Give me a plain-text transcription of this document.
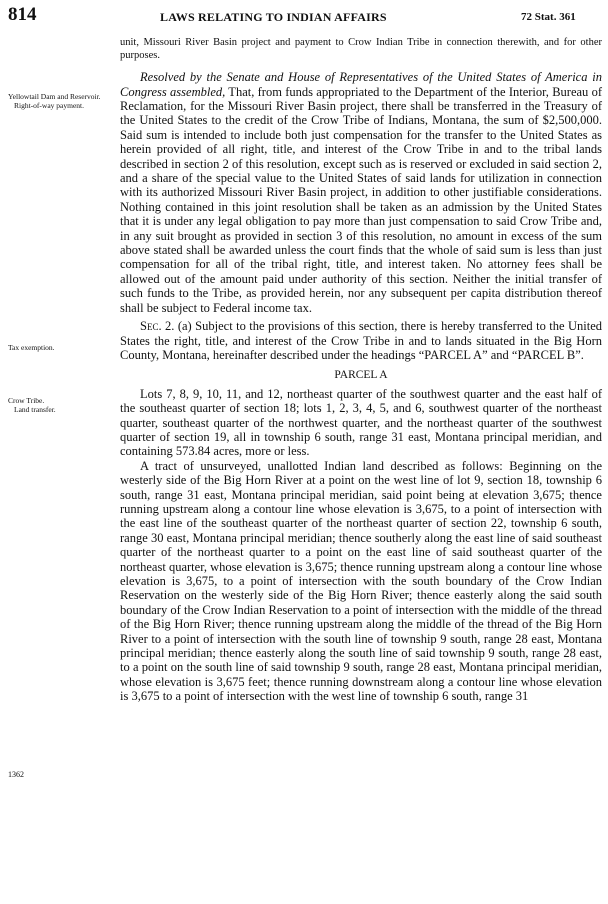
814	LAWS RELATING TO INDIAN AFFAIRS	72 Stat. 361
Yellowtail Dam and Reservoir.
Right-of-way payment.
Tax exemption.
Crow Tribe.
Land transfer.
1362

unit, Missouri River Basin project and payment to Crow Indian Tribe in connection therewith, and for other purposes.

Resolved by the Senate and House of Representatives of the United States of America in Congress assembled, That, from funds appropriated to the Department of the Interior, Bureau of Reclamation, for the Missouri River Basin project, there shall be transferred in the Treasury of the United States to the credit of the Crow Tribe of Indians, Montana, the sum of $2,500,000. Said sum is intended to include both just compensation for the transfer to the United States as herein provided of all right, title, and interest of the Crow Tribe in and to the tribal lands described in section 2 of this resolution, except such as is reserved or excluded in said section 2, and a share of the special value to the United States of said lands for utilization in connection with its authorized Missouri River Basin project, in addition to other justifiable considerations. Nothing contained in this joint resolution shall be taken as an admission by the United States that it is under any legal obligation to pay more than just compensation to said Crow Tribe and, in any suit brought as provided in section 3 of this resolution, no amount in excess of the sum above stated shall be awarded unless the court finds that the whole of said sum is less than just compensation for all of the tribal right, title, and interest taken. No attorney fees shall be allowed out of the amount paid under authority of this section. Neither the initial transfer of such funds to the Tribe, as provided herein, nor any subsequent per capita distribution thereof shall be subject to Federal income tax.

Sec. 2. (a) Subject to the provisions of this section, there is hereby transferred to the United States the right, title, and interest of the Crow Tribe in and to lands situated in the Big Horn County, Montana, hereinafter described under the headings “PARCEL A” and “PARCEL B”.

PARCEL A

Lots 7, 8, 9, 10, 11, and 12, northeast quarter of the southwest quarter and the east half of the southeast quarter of section 18; lots 1, 2, 3, 4, 5, and 6, southwest quarter of the northeast quarter, southeast quarter of the northwest quarter, and the northeast quarter of the southwest quarter of section 19, all in township 6 south, range 31 east, Montana principal meridian, and containing 573.84 acres, more or less.

A tract of unsurveyed, unallotted Indian land described as follows: Beginning on the westerly side of the Big Horn River at a point on the west line of lot 9, section 18, township 6 south, range 31 east, Montana principal meridian, said point being at elevation 3,675; thence running upstream along a contour line whose elevation is 3,675, to a point of intersection with the east line of the southeast quarter of the northeast quarter of section 22, township 6 south, range 30 east, Montana principal meridian; thence southerly along the east line of said southeast quarter of the northeast quarter to a point on the east line of said southeast quarter of the northeast quarter, whose elevation is 3,675; thence running upstream along a contour line whose elevation is 3,675, to a point of intersection with the south boundary of the Crow Indian Reservation on the westerly side of the Big Horn River; thence easterly along the said south boundary of the Crow Indian Reservation to a point of intersection with the middle of the thread of the Big Horn River; thence running upstream along the middle of the thread of the Big Horn River to a point of intersection with the south line of township 9 south, range 28 east, Montana principal meridian; thence easterly along the south line of said township 9 south, range 28 east, to a point on the south line of said township 9 south, range 28 east, Montana principal meridian, whose elevation is 3,675 feet; thence running downstream along a contour line whose elevation is 3,675 to a point of intersection with the west line of township 6 south, range 31
